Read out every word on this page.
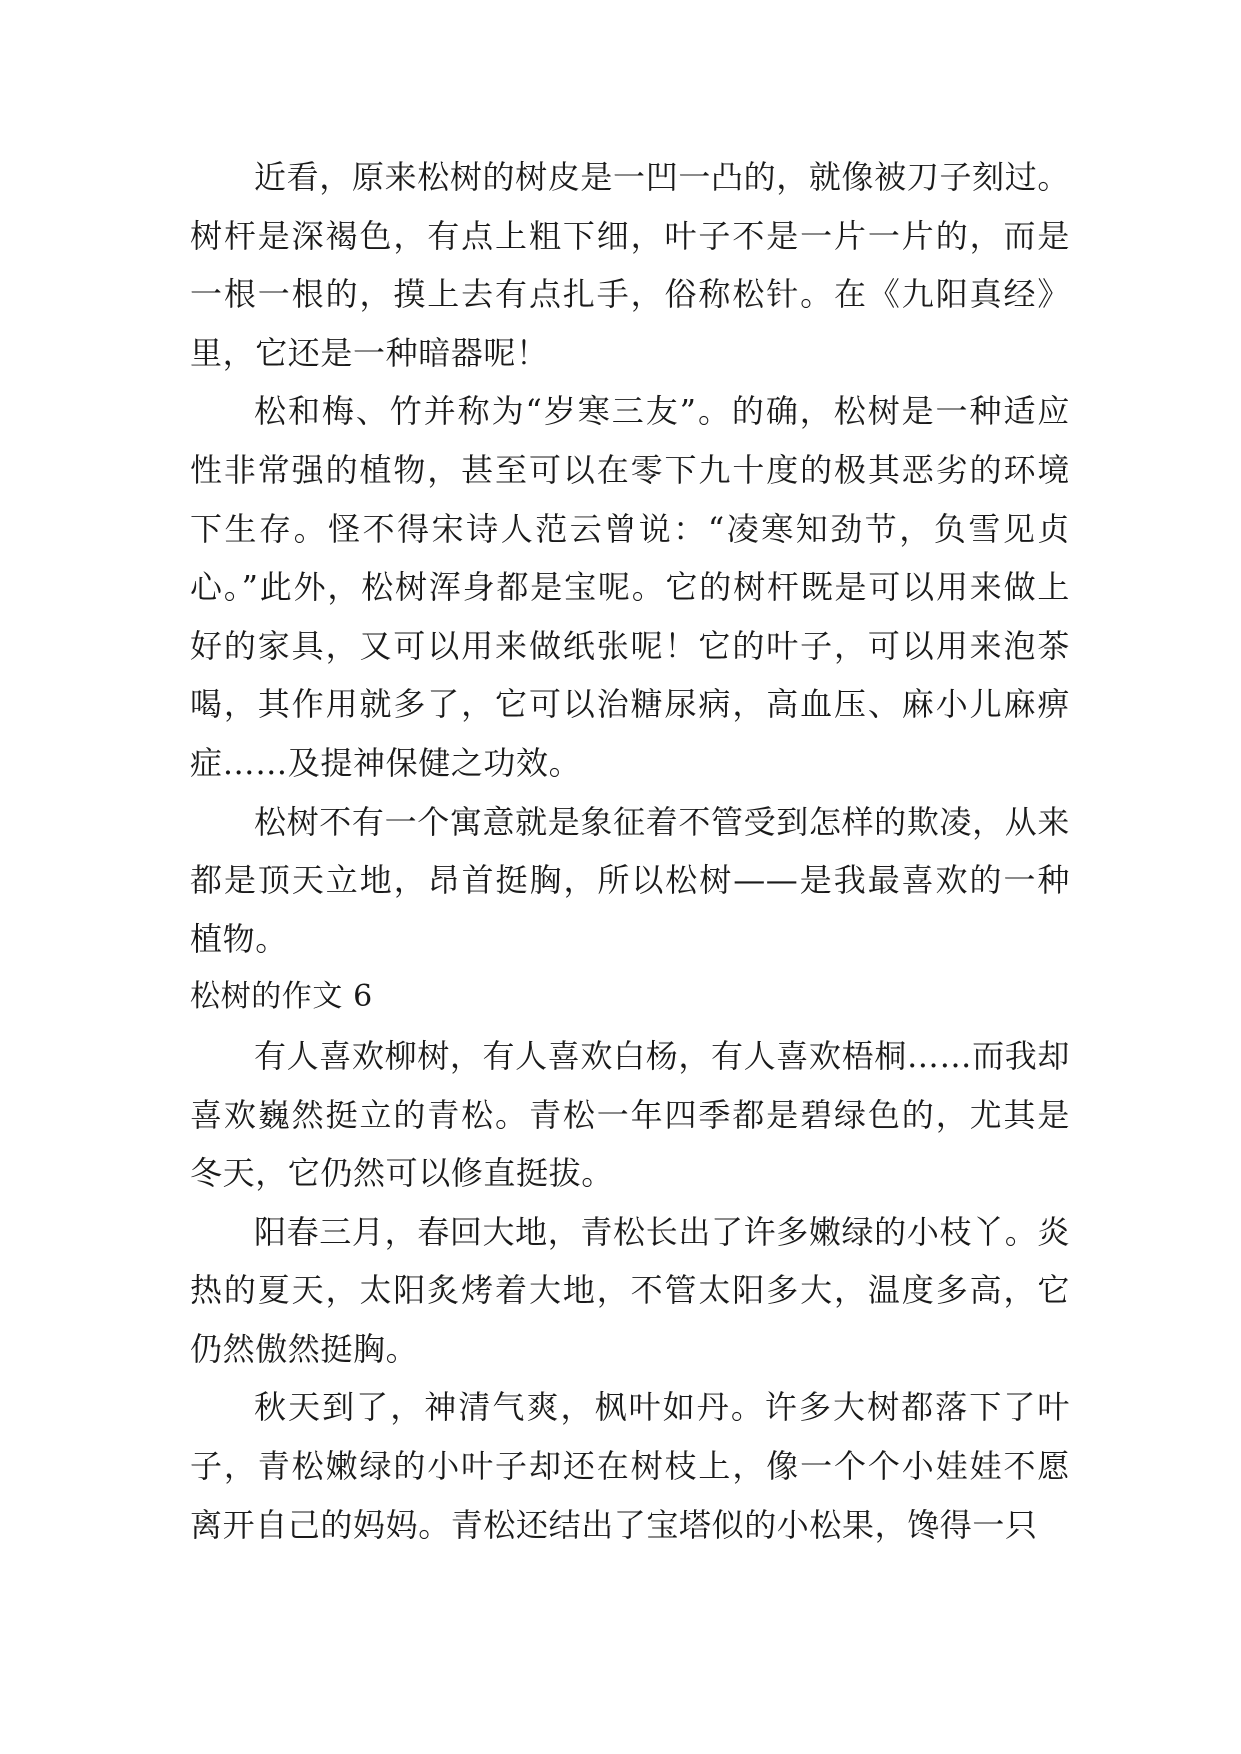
近看，原来松树的树皮是一凹一凸的，就像被刀子刻过。树杆是深褐色，有点上粗下细，叶子不是一片一片的，而是一根一根的，摸上去有点扎手，俗称松针。在《九阳真经》里，它还是一种暗器呢！

松和梅、竹并称为“岁寒三友”。的确，松树是一种适应性非常强的植物，甚至可以在零下九十度的极其恶劣的环境下生存。怪不得宋诗人范云曾说：“凌寒知劲节，负雪见贞心。”此外，松树浑身都是宝呢。它的树杆既是可以用来做上好的家具，又可以用来做纸张呢！它的叶子，可以用来泡茶喝，其作用就多了，它可以治糖尿病，高血压、麻小儿麻痹症……及提神保健之功效。

松树不有一个寓意就是象征着不管受到怎样的欺凌，从来都是顶天立地，昂首挺胸，所以松树——是我最喜欢的一种植物。

松树的作文 6

有人喜欢柳树，有人喜欢白杨，有人喜欢梧桐……而我却喜欢巍然挺立的青松。青松一年四季都是碧绿色的，尤其是冬天，它仍然可以修直挺拔。

阳春三月，春回大地，青松长出了许多嫩绿的小枝丫。炎热的夏天，太阳炙烤着大地，不管太阳多大，温度多高，它仍然傲然挺胸。

秋天到了，神清气爽，枫叶如丹。许多大树都落下了叶子，青松嫩绿的小叶子却还在树枝上，像一个个小娃娃不愿离开自己的妈妈。青松还结出了宝塔似的小松果，馋得一只
